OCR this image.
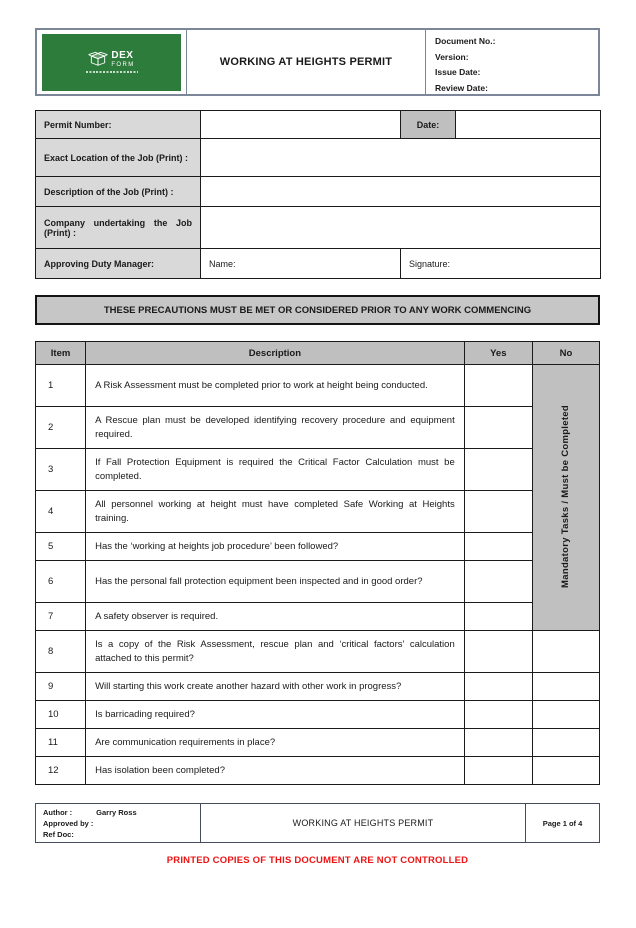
DEX
FORM	WORKING AT HEIGHTS PERMIT
Document No.:
Version:
Issue Date:
Review Date:
Permit Number:		Date:	
Exact Location of the Job (Print) :			
Description of the Job (Print) :			
Company undertaking the Job (Print) :			
Approving Duty Manager:	Name:	Signature:	
THESE PRECAUTIONS MUST BE MET OR CONSIDERED PRIOR TO ANY WORK COMMENCING
Item	Description	Yes	No
1	A Risk Assessment must be completed prior to work at height being conducted.		Mandatory Tasks / Must be Completed
2	A Rescue plan must be developed identifying recovery procedure and equipment required.		
3	If Fall Protection Equipment is required the Critical Factor Calculation must be completed.		
4	All personnel working at height must have completed Safe Working at Heights training.		
5	Has the ‘working at heights job procedure’ been followed?		
6	Has the personal fall protection equipment been inspected and in good order?		
7	A safety observer is required.		
8	Is a copy of the Risk Assessment, rescue plan and ‘critical factors’ calculation attached to this permit?		
9	Will starting this work create another hazard with other work in progress?		
10	Is barricading required?		
11	Are communication requirements in place?		
12	Has isolation been completed?		
Author :	Garry Ross
Approved by :
Ref Doc:
WORKING AT HEIGHTS PERMIT	Page 1 of 4
PRINTED COPIES OF THIS DOCUMENT ARE NOT CONTROLLED
